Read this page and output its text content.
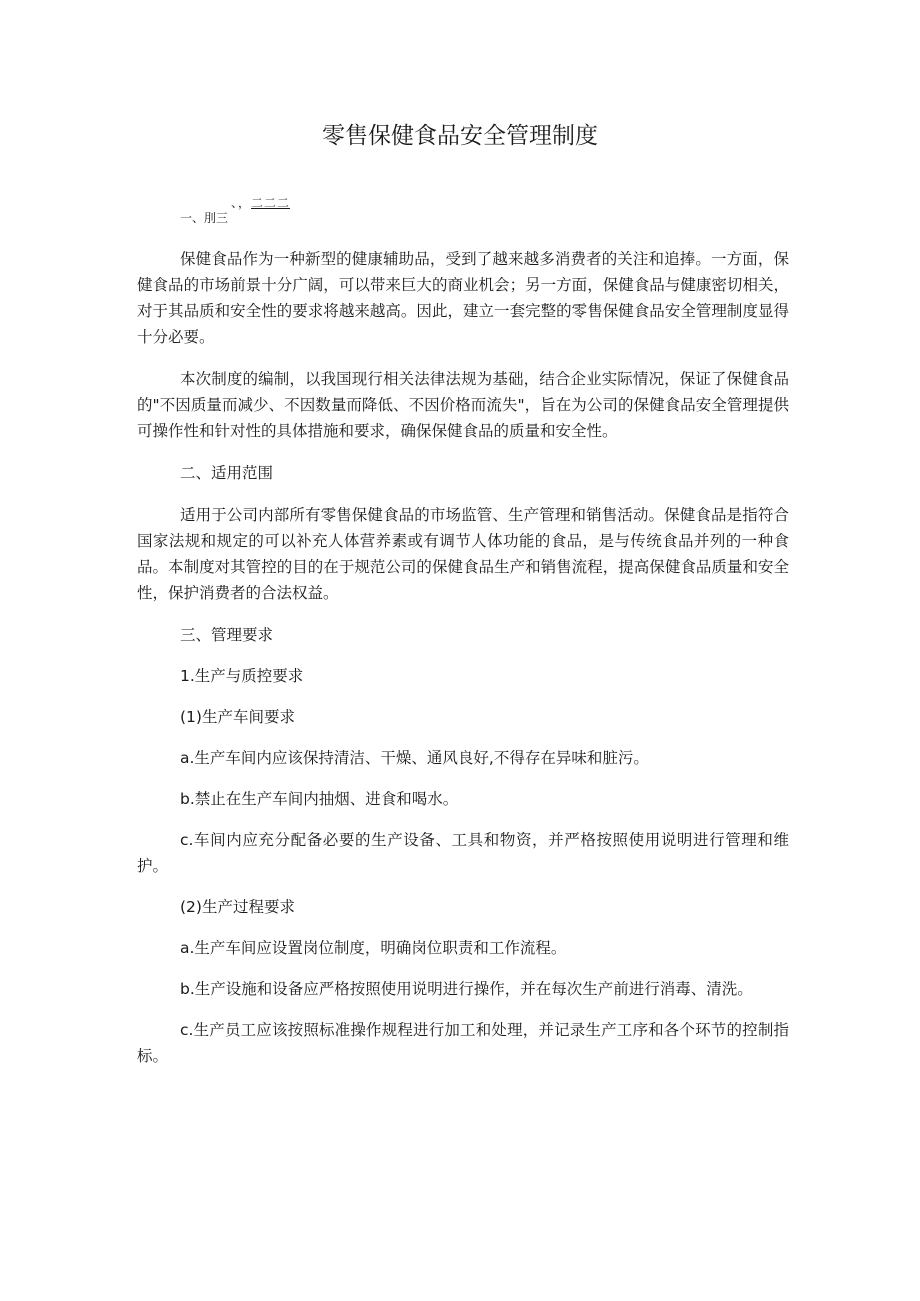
零售保健食品安全管理制度
、，二二二
一、刖三

保健食品作为一种新型的健康辅助品，受到了越来越多消费者的关注和追捧。一方面，保健食品的市场前景十分广阔，可以带来巨大的商业机会；另一方面，保健食品与健康密切相关，对于其品质和安全性的要求将越来越高。因此，建立一套完整的零售保健食品安全管理制度显得十分必要。

本次制度的编制，以我国现行相关法律法规为基础，结合企业实际情况，保证了保健食品的"不因质量而减少、不因数量而降低、不因价格而流失"，旨在为公司的保健食品安全管理提供可操作性和针对性的具体措施和要求，确保保健食品的质量和安全性。

二、适用范围

适用于公司内部所有零售保健食品的市场监管、生产管理和销售活动。保健食品是指符合国家法规和规定的可以补充人体营养素或有调节人体功能的食品，是与传统食品并列的一种食品。本制度对其管控的目的在于规范公司的保健食品生产和销售流程，提高保健食品质量和安全性，保护消费者的合法权益。

三、管理要求

1.生产与质控要求

(1)生产车间要求

a.生产车间内应该保持清洁、干燥、通风良好,不得存在异味和脏污。

b.禁止在生产车间内抽烟、进食和喝水。

c.车间内应充分配备必要的生产设备、工具和物资，并严格按照使用说明进行管理和维护。

(2)生产过程要求

a.生产车间应设置岗位制度，明确岗位职责和工作流程。

b.生产设施和设备应严格按照使用说明进行操作，并在每次生产前进行消毒、清洗。

c.生产员工应该按照标准操作规程进行加工和处理，并记录生产工序和各个环节的控制指标。
